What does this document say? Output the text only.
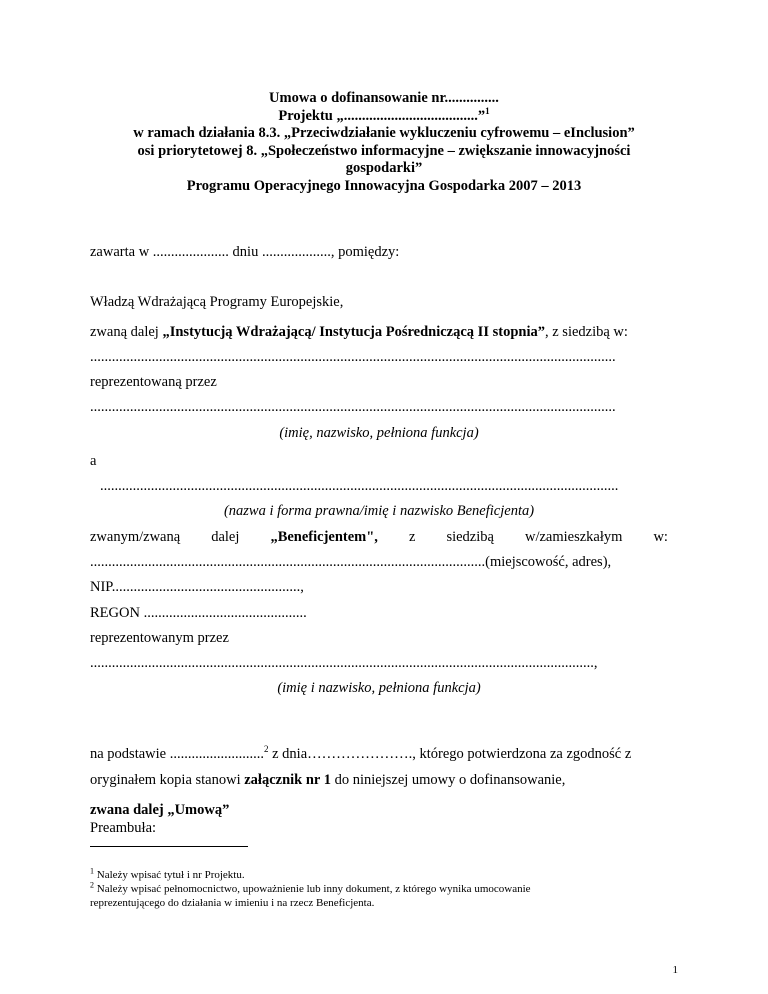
Umowa o dofinansowanie nr...............
Projektu „.....................................”$^1$
w ramach działania 8.3. „Przeciwdziałanie wykluczeniu cyfrowemu – eInclusion”
osi priorytetowej 8. „Społeczeństwo informacyjne – zwiększanie innowacyjności
gospodarki”
Programu Operacyjnego Innowacyjna Gospodarka 2007 – 2013
zawarta w ..................... dniu ..................., pomiędzy:
Władzą Wdrażającą Programy Europejskie,
zwaną dalej „Instytucją Wdrażającą/ Instytucja Pośredniczącą II stopnia”, z siedzibą w:
.................................................................................................................................................
reprezentowaną przez
.................................................................................................................................................
(imię, nazwisko, pełniona funkcja)
a
...............................................................................................................................................
(nazwa i forma prawna/imię i nazwisko Beneficjenta)
zwanym/zwaną dalej „Beneficjentem", z siedzibą w/zamieszkałym w:
.............................................................................................................(miejscowość, adres),
NIP....................................................,
REGON .............................................
reprezentowanym przez
...........................................................................................................................................,
(imię i nazwisko, pełniona funkcja)
na podstawie ..........................$^2$ z dnia…………………., którego potwierdzona za zgodność z
oryginałem kopia stanowi załącznik nr 1 do niniejszej umowy o dofinansowanie,
zwana dalej „Umową”
Preambuła:
$^1$ Należy wpisać tytuł i nr Projektu.
$^2$ Należy wpisać pełnomocnictwo, upoważnienie lub inny dokument, z którego wynika umocowanie
reprezentującego do działania w imieniu i na rzecz Beneficjenta.
1
